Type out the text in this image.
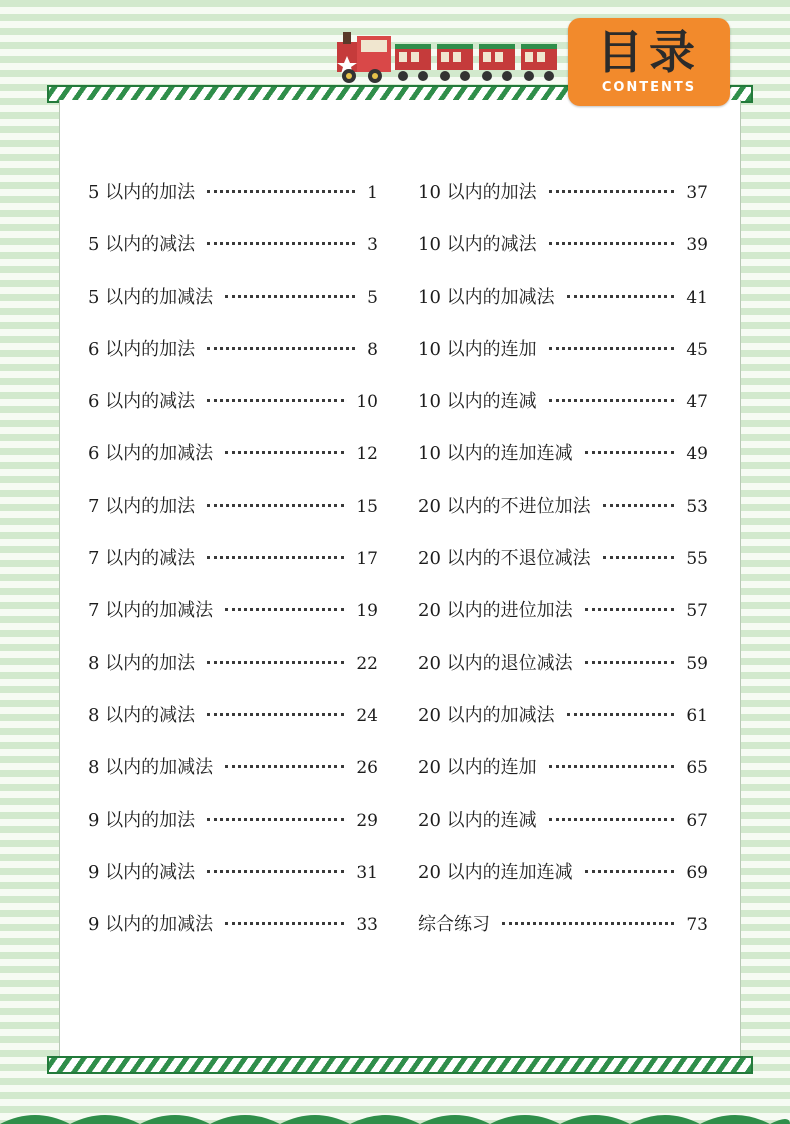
目录
CONTENTS
5 以内的加法	1
5 以内的减法	3
5 以内的加减法	5
6 以内的加法	8
6 以内的减法	10
6 以内的加减法	12
7 以内的加法	15
7 以内的减法	17
7 以内的加减法	19
8 以内的加法	22
8 以内的减法	24
8 以内的加减法	26
9 以内的加法	29
9 以内的减法	31
9 以内的加减法	33
10 以内的加法	37
10 以内的减法	39
10 以内的加减法	41
10 以内的连加	45
10 以内的连减	47
10 以内的连加连减	49
20 以内的不进位加法	53
20 以内的不退位减法	55
20 以内的进位加法	57
20 以内的退位减法	59
20 以内的加减法	61
20 以内的连加	65
20 以内的连减	67
20 以内的连加连减	69
综合练习	73
